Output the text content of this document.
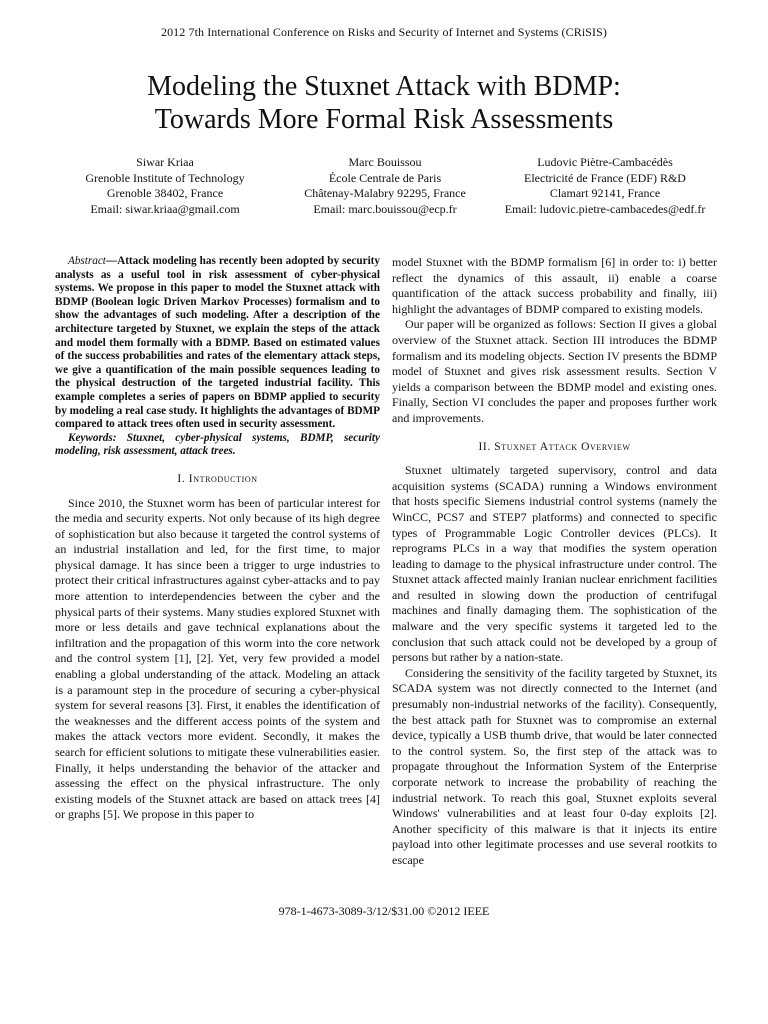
2012 7th International Conference on Risks and Security of Internet and Systems (CRiSIS)
Modeling the Stuxnet Attack with BDMP:
Towards More Formal Risk Assessments
Siwar Kriaa
Grenoble Institute of Technology
Grenoble 38402, France
Email: siwar.kriaa@gmail.com
Marc Bouissou
École Centrale de Paris
Châtenay-Malabry 92295, France
Email: marc.bouissou@ecp.fr
Ludovic Piètre-Cambacédès
Electricité de France (EDF) R&D
Clamart 92141, France
Email: ludovic.pietre-cambacedes@edf.fr

Abstract—Attack modeling has recently been adopted by security analysts as a useful tool in risk assessment of cyber-physical systems. We propose in this paper to model the Stuxnet attack with BDMP (Boolean logic Driven Markov Processes) formalism and to show the advantages of such modeling. After a description of the architecture targeted by Stuxnet, we explain the steps of the attack and model them formally with a BDMP. Based on estimated values of the success probabilities and rates of the elementary attack steps, we give a quantification of the main possible sequences leading to the physical destruction of the targeted industrial facility. This example completes a series of papers on BDMP applied to security by modeling a real case study. It highlights the advantages of BDMP compared to attack trees often used in security assessment.

Keywords: Stuxnet, cyber-physical systems, BDMP, security modeling, risk assessment, attack trees.

I. Introduction

Since 2010, the Stuxnet worm has been of particular interest for the media and security experts. Not only because of its high degree of sophistication but also because it targeted the control systems of an industrial installation and led, for the first time, to major physical damage. It has since been a trigger to urge industries to protect their critical infrastructures against cyber-attacks and to pay more attention to interdependencies between the cyber and the physical parts of their systems. Many studies explored Stuxnet with more or less details and gave technical explanations about the infiltration and the propagation of this worm into the core network and the control system [1], [2]. Yet, very few provided a model enabling a global understanding of the attack. Modeling an attack is a paramount step in the procedure of securing a cyber-physical system for several reasons [3]. First, it enables the identification of the weaknesses and the different access points of the system and makes the attack vectors more evident. Secondly, it makes the search for efficient solutions to mitigate these vulnerabilities easier. Finally, it helps understanding the behavior of the attacker and assessing the effect on the physical infrastructure. The only existing models of the Stuxnet attack are based on attack trees [4] or graphs [5]. We propose in this paper to

model Stuxnet with the BDMP formalism [6] in order to: i) better reflect the dynamics of this assault, ii) enable a coarse quantification of the attack success probability and finally, iii) highlight the advantages of BDMP compared to existing models.

Our paper will be organized as follows: Section II gives a global overview of the Stuxnet attack. Section III introduces the BDMP formalism and its modeling objects. Section IV presents the BDMP model of Stuxnet and gives risk assessment results. Section V yields a comparison between the BDMP model and existing ones. Finally, Section VI concludes the paper and proposes further work and improvements.

II. Stuxnet Attack Overview

Stuxnet ultimately targeted supervisory, control and data acquisition systems (SCADA) running a Windows environment that hosts specific Siemens industrial control systems (namely the WinCC, PCS7 and STEP7 platforms) and connected to specific types of Programmable Logic Controller devices (PLCs). It reprograms PLCs in a way that modifies the system operation leading to damage to the physical infrastructure under control. The Stuxnet attack affected mainly Iranian nuclear enrichment facilities and resulted in slowing down the production of centrifugal machines and finally damaging them. The sophistication of the malware and the very specific systems it targeted led to the conclusion that such attack could not be developed by a group of persons but rather by a nation-state.

Considering the sensitivity of the facility targeted by Stuxnet, its SCADA system was not directly connected to the Internet (and presumably non-industrial networks of the facility). Consequently, the best attack path for Stuxnet was to compromise an external device, typically a USB thumb drive, that would be later connected to the control system. So, the first step of the attack was to propagate throughout the Information System of the Enterprise corporate network to increase the probability of reaching the industrial network. To reach this goal, Stuxnet exploits several Windows' vulnerabilities and at least four 0-day exploits [2]. Another specificity of this malware is that it injects its entire payload into other legitimate processes and use several rootkits to escape

978-1-4673-3089-3/12/$31.00 ©2012 IEEE
